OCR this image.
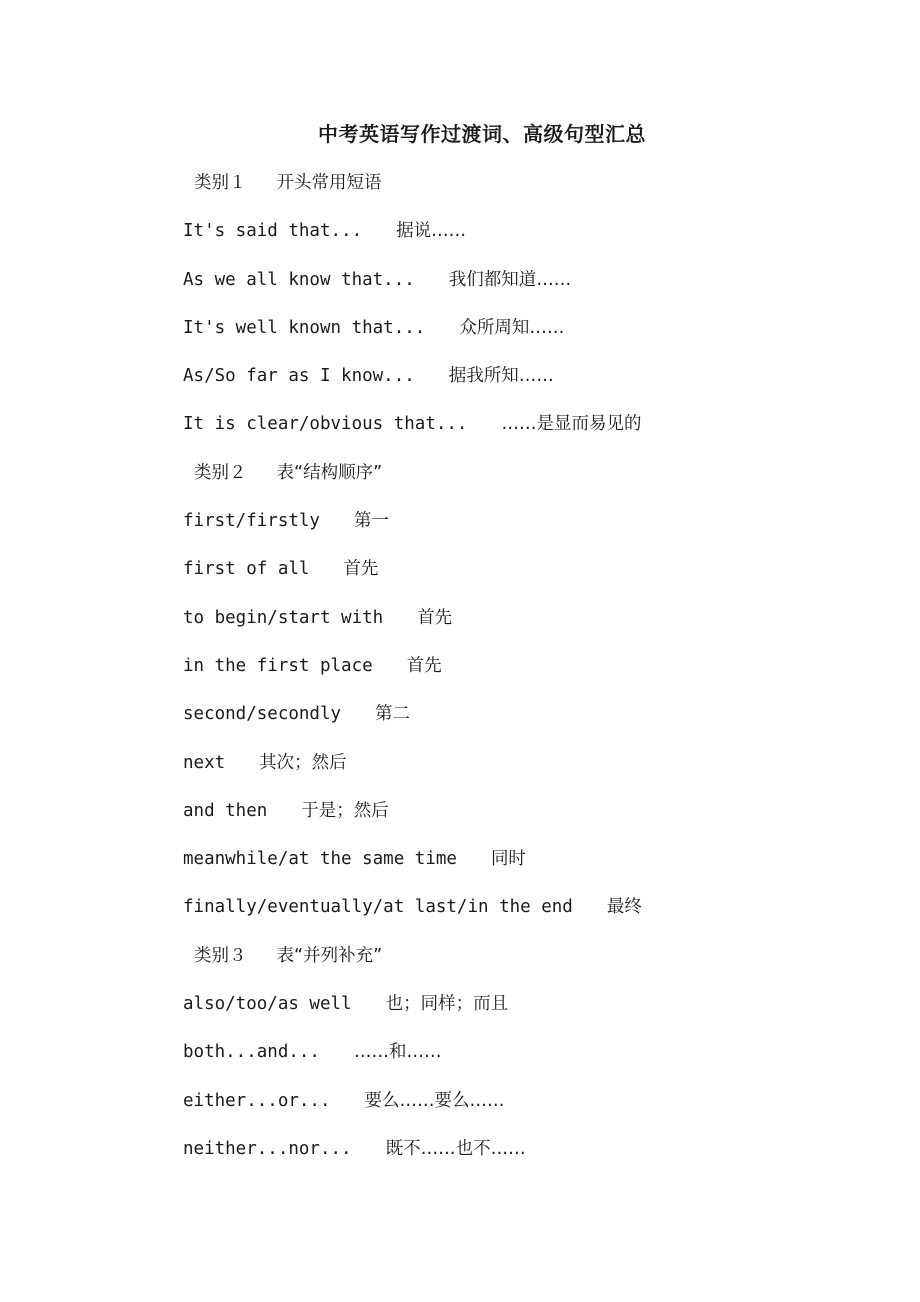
中考英语写作过渡词、高级句型汇总
类别１ 开头常用短语
It's said that... 据说……
As we all know that... 我们都知道……
It's well known that... 众所周知……
As/So far as I know... 据我所知……
It is clear/obvious that... ……是显而易见的
类别２ 表“结构顺序”
first/firstly 第一
first of all 首先
to begin/start with 首先
in the first place 首先
second/secondly 第二
next 其次；然后
and then 于是；然后
meanwhile/at the same time 同时
finally/eventually/at last/in the end 最终
类别３ 表“并列补充”
also/too/as well 也；同样；而且
both...and... ……和……
either...or... 要么……要么……
neither...nor... 既不……也不……
